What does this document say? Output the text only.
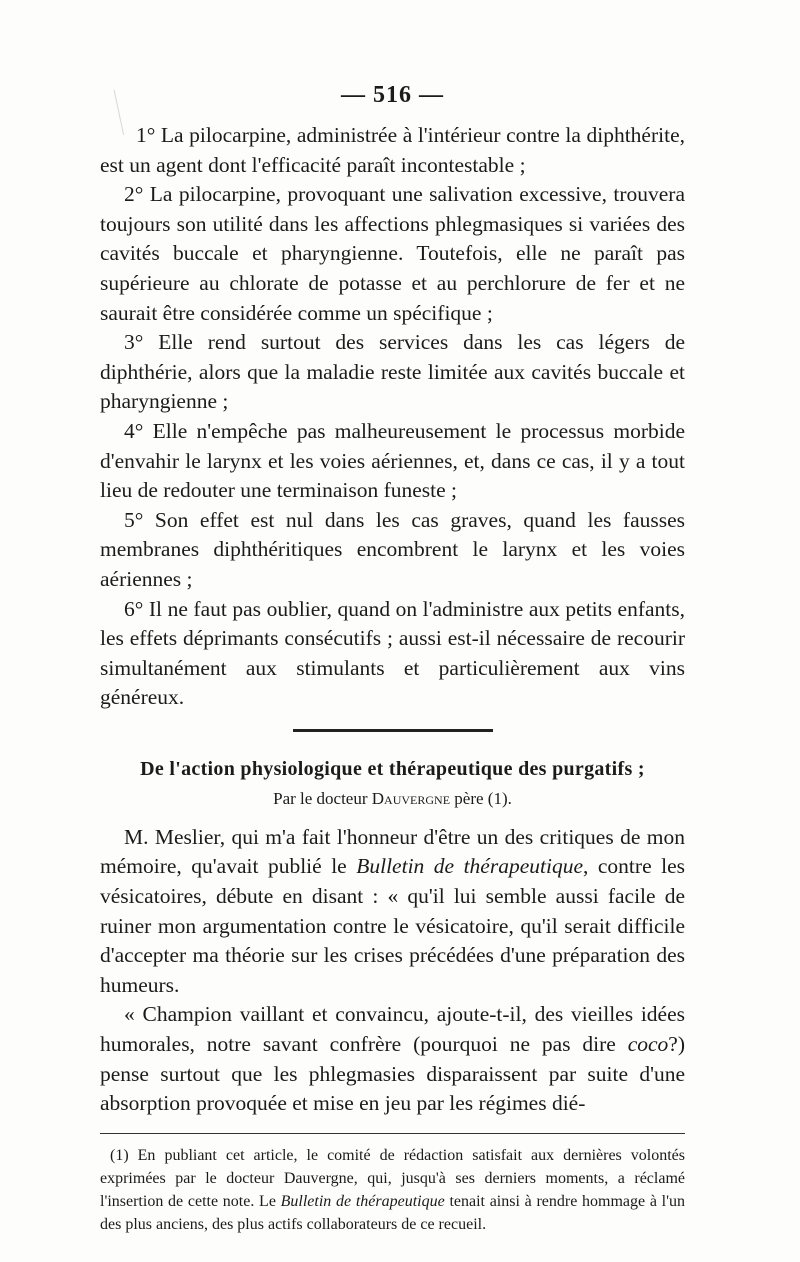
— 516 —

1° La pilocarpine, administrée à l'intérieur contre la diphthérite, est un agent dont l'efficacité paraît incontestable ;

2° La pilocarpine, provoquant une salivation excessive, trouvera toujours son utilité dans les affections phlegmasiques si variées des cavités buccale et pharyngienne. Toutefois, elle ne paraît pas supérieure au chlorate de potasse et au perchlorure de fer et ne saurait être considérée comme un spécifique ;

3° Elle rend surtout des services dans les cas légers de diphthérie, alors que la maladie reste limitée aux cavités buccale et pharyngienne ;

4° Elle n'empêche pas malheureusement le processus morbide d'envahir le larynx et les voies aériennes, et, dans ce cas, il y a tout lieu de redouter une terminaison funeste ;

5° Son effet est nul dans les cas graves, quand les fausses membranes diphthéritiques encombrent le larynx et les voies aériennes ;

6° Il ne faut pas oublier, quand on l'administre aux petits enfants, les effets déprimants consécutifs ; aussi est-il nécessaire de recourir simultanément aux stimulants et particulièrement aux vins généreux.

De l'action physiologique et thérapeutique des purgatifs ;
Par le docteur Dauvergne père (1).

M. Meslier, qui m'a fait l'honneur d'être un des critiques de mon mémoire, qu'avait publié le Bulletin de thérapeutique, contre les vésicatoires, débute en disant : « qu'il lui semble aussi facile de ruiner mon argumentation contre le vésicatoire, qu'il serait difficile d'accepter ma théorie sur les crises précédées d'une préparation des humeurs.

« Champion vaillant et convaincu, ajoute-t-il, des vieilles idées humorales, notre savant confrère (pourquoi ne pas dire coco?) pense surtout que les phlegmasies disparaissent par suite d'une absorption provoquée et mise en jeu par les régimes dié-

(1) En publiant cet article, le comité de rédaction satisfait aux dernières volontés exprimées par le docteur Dauvergne, qui, jusqu'à ses derniers moments, a réclamé l'insertion de cette note. Le Bulletin de thérapeutique tenait ainsi à rendre hommage à l'un des plus anciens, des plus actifs collaborateurs de ce recueil.
